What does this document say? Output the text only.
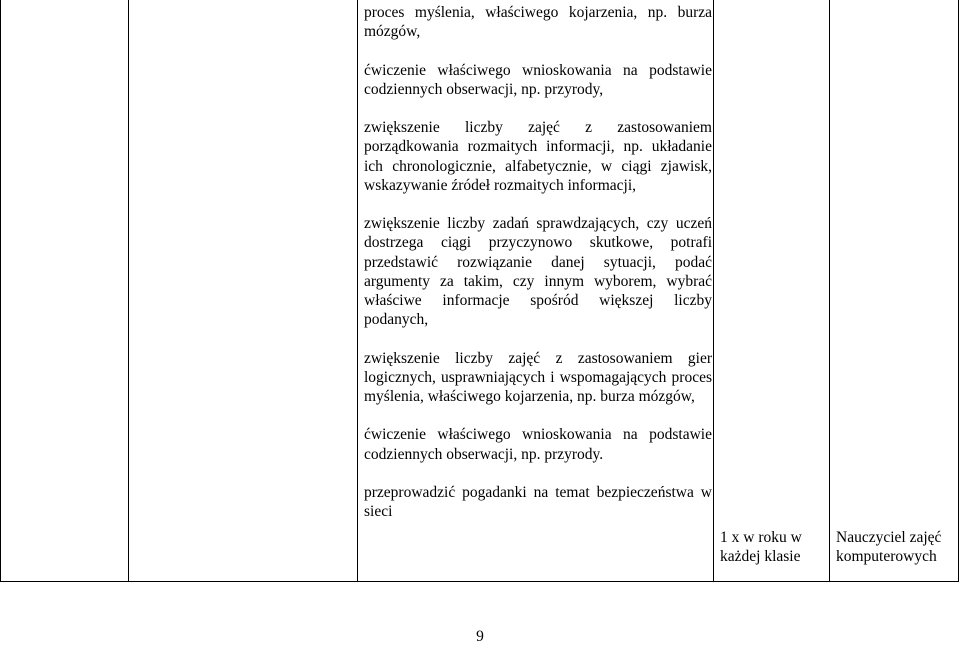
proces myślenia, właściwego kojarzenia, np. burza mózgów,

ćwiczenie właściwego wnioskowania na podstawie codziennych obserwacji, np. przyrody,

zwiększenie liczby zajęć z zastosowaniem porządkowania rozmaitych informacji, np. układanie ich chronologicznie, alfabetycznie, w ciągi zjawisk, wskazywanie źródeł rozmaitych informacji,

zwiększenie liczby zadań sprawdzających, czy uczeń dostrzega ciągi przyczynowo skutkowe, potrafi przedstawić rozwiązanie danej sytuacji, podać argumenty za takim, czy innym wyborem, wybrać właściwe informacje spośród większej liczby podanych,

zwiększenie liczby zajęć z zastosowaniem gier logicznych, usprawniających i wspomagających proces myślenia, właściwego kojarzenia, np. burza mózgów,

ćwiczenie właściwego wnioskowania na podstawie codziennych obserwacji, np. przyrody.

przeprowadzić pogadanki na temat bezpieczeństwa w sieci

1 x w roku w każdej klasie
Nauczyciel zajęć komputerowych
9
